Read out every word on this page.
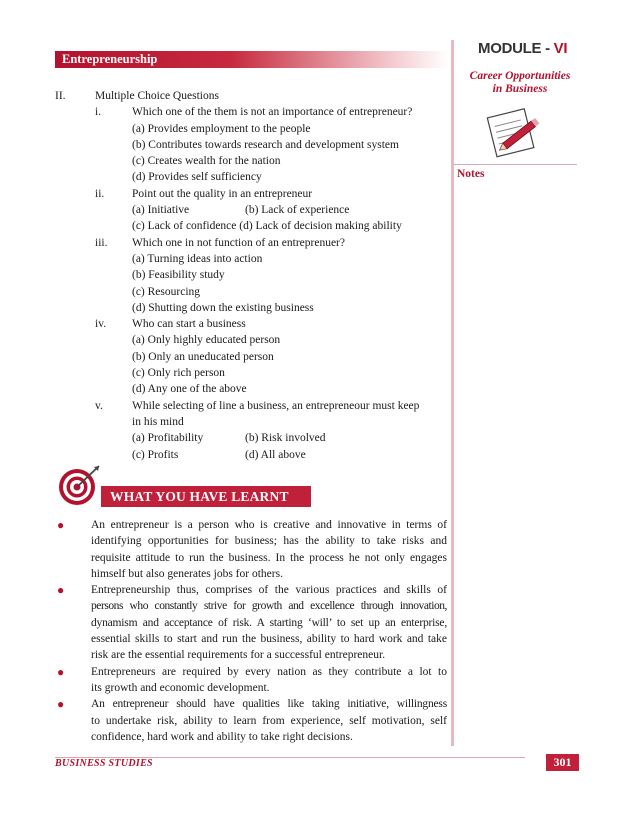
Entrepreneurship
MODULE - VI
Career Opportunities
in Business
Notes
II.	Multiple Choice Questions
i.	Which one of the them is not an importance of entrepreneur?
(a) Provides employment to the people
(b) Contributes towards research and development system
(c) Creates wealth for the nation
(d) Provides self sufficiency
ii. Point out the quality in an entrepreneur
(a) Initiative	(b) Lack of experience
(c) Lack of confidence (d) Lack of decision making ability
iii. Which one in not function of an entreprenuer?
(a) Turning ideas into action
(b) Feasibility study
(c) Resourcing
(d) Shutting down the existing business
iv. Who can start a business
(a) Only highly educated person
(b) Only an uneducated person
(c) Only rich person
(d) Any one of the above
v.	While selecting of line a business, an entrepreneour must keep
in his mind
(a) Profitability	(b) Risk involved
(c) Profits	(d) All above
WHAT YOU HAVE LEARNT
● An entrepreneur is a person who is creative and innovative in terms of
identifying opportunities for business; has the ability to take risks and
requisite attitude to run the business. In the process he not only engages
himself but also generates jobs for others.
● Entrepreneurship thus, comprises of the various practices and skills of
persons who constantly strive for growth and excellence through innovation,
dynamism and acceptance of risk. A starting ‘will’ to set up an enterprise,
essential skills to start and run the business, ability to hard work and take
risk are the essential requirements for a successful entrepreneur.
● Entrepreneurs are required by every nation as they contribute a lot to
its growth and economic development.
● An entrepreneur should have qualities like taking initiative, willingness
to undertake risk, ability to learn from experience, self motivation, self
confidence, hard work and ability to take right decisions.
BUSINESS STUDIES	301
